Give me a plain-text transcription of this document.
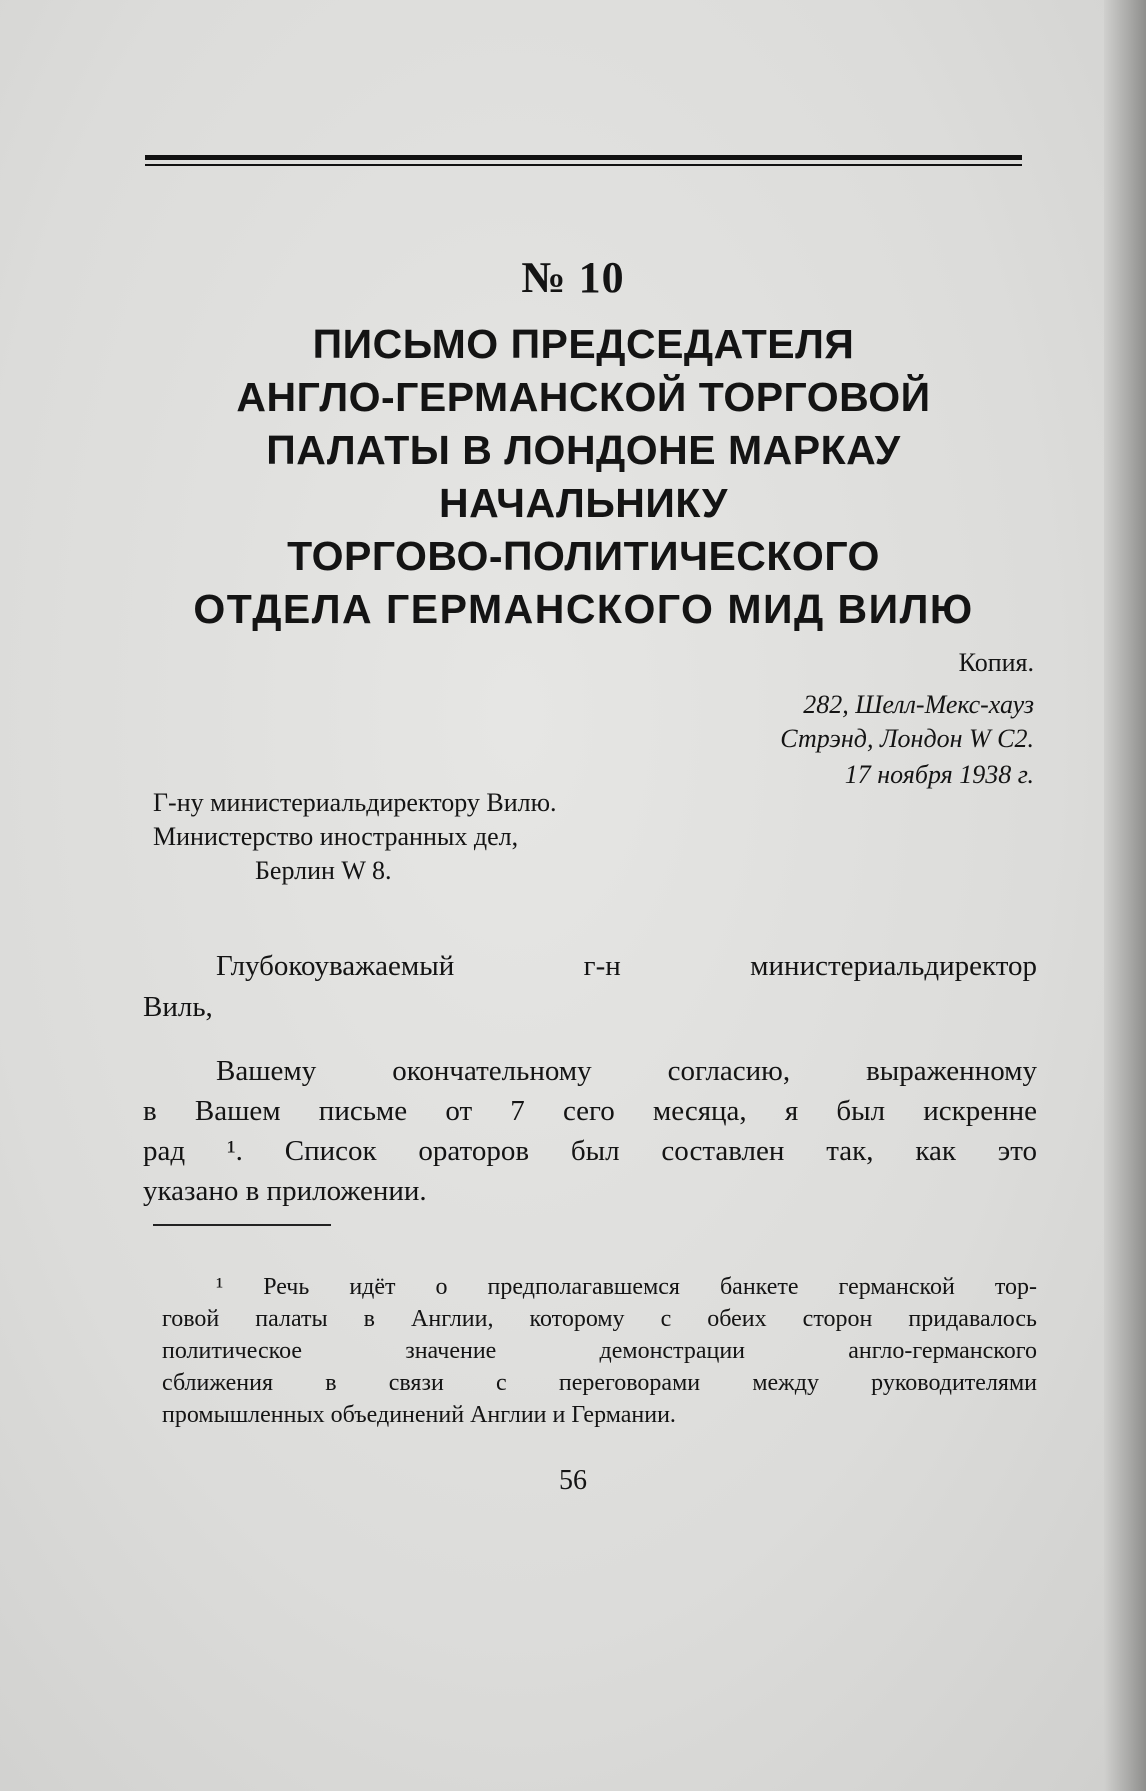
№ 10
ПИСЬМО ПРЕДСЕДАТЕЛЯ
АНГЛО-ГЕРМАНСКОЙ ТОРГОВОЙ
ПАЛАТЫ В ЛОНДОНЕ МАРКАУ
НАЧАЛЬНИКУ
ТОРГОВО-ПОЛИТИЧЕСКОГО
ОТДЕЛА ГЕРМАНСКОГО МИД ВИЛЮ
Копия.
282, Шелл-Мекс-хауз
Стрэнд, Лондон W С2.
17 ноября 1938 г.
Г-ну министериальдиректору Вилю.
Министерство иностранных дел,
Берлин W 8.
Глубокоуважаемый г-н министериальдиректор
Виль,
Вашему окончательному согласию, выраженному
в Вашем письме от 7 сего месяца, я был искренне
рад ¹. Список ораторов был составлен так, как это
указано в приложении.
¹ Речь идёт о предполагавшемся банкете германской тор-
говой палаты в Англии, которому с обеих сторон придавалось
политическое значение демонстрации англо-германского
сближения в связи с переговорами между руководителями
промышленных объединений Англии и Германии.
56
